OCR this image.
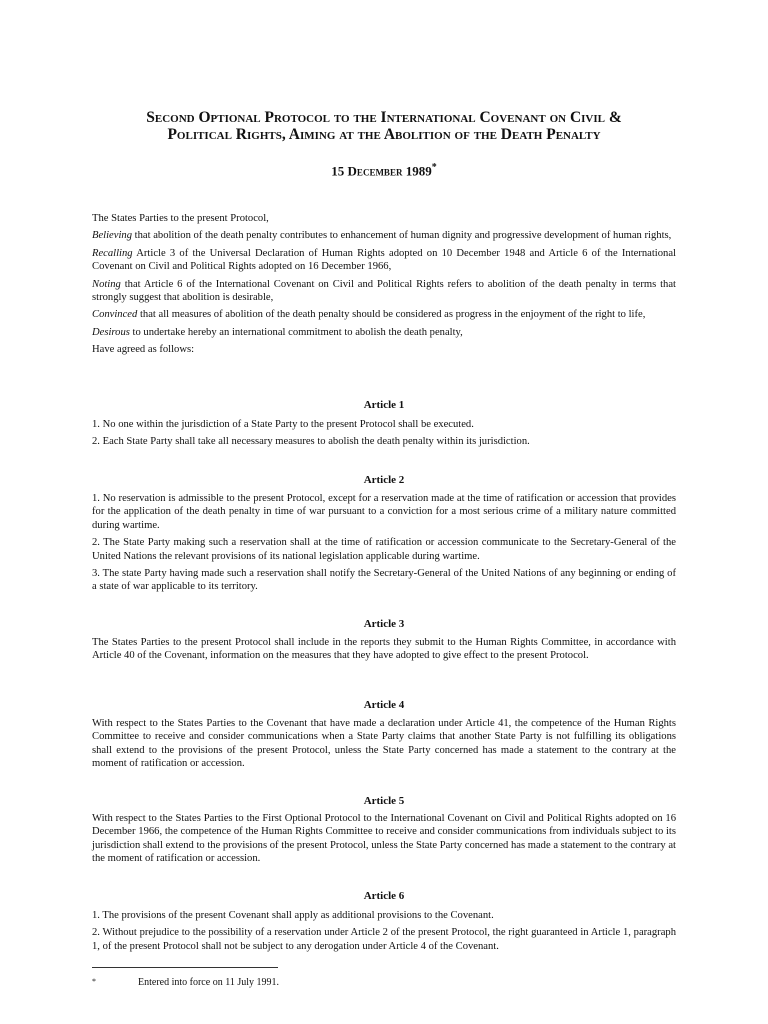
Second Optional Protocol to the International Covenant on Civil &
Political Rights, Aiming at the Abolition of the Death Penalty
15 December 1989*

The States Parties to the present Protocol,

Believing that abolition of the death penalty contributes to enhancement of human dignity and progressive development of human rights,

Recalling Article 3 of the Universal Declaration of Human Rights adopted on 10 December 1948 and Article 6 of the International Covenant on Civil and Political Rights adopted on 16 December 1966,

Noting that Article 6 of the International Covenant on Civil and Political Rights refers to abolition of the death penalty in terms that strongly suggest that abolition is desirable,

Convinced that all measures of abolition of the death penalty should be considered as progress in the enjoyment of the right to life,

Desirous to undertake hereby an international commitment to abolish the death penalty,

Have agreed as follows:

Article 1

1. No one within the jurisdiction of a State Party to the present Protocol shall be executed.

2. Each State Party shall take all necessary measures to abolish the death penalty within its jurisdiction.

Article 2

1. No reservation is admissible to the present Protocol, except for a reservation made at the time of ratification or accession that provides for the application of the death penalty in time of war pursuant to a conviction for a most serious crime of a military nature committed during wartime.

2. The State Party making such a reservation shall at the time of ratification or accession communicate to the Secretary-General of the United Nations the relevant provisions of its national legislation applicable during wartime.

3. The state Party having made such a reservation shall notify the Secretary-General of the United Nations of any beginning or ending of a state of war applicable to its territory.

Article 3

The States Parties to the present Protocol shall include in the reports they submit to the Human Rights Committee, in accordance with Article 40 of the Covenant, information on the measures that they have adopted to give effect to the present Protocol.

Article 4

With respect to the States Parties to the Covenant that have made a declaration under Article 41, the competence of the Human Rights Committee to receive and consider communications when a State Party claims that another State Party is not fulfilling its obligations shall extend to the provisions of the present Protocol, unless the State Party concerned has made a statement to the contrary at the moment of ratification or accession.

Article 5

With respect to the States Parties to the First Optional Protocol to the International Covenant on Civil and Political Rights adopted on 16 December 1966, the competence of the Human Rights Committee to receive and consider communications from individuals subject to its jurisdiction shall extend to the provisions of the present Protocol, unless the State Party concerned has made a statement to the contrary at the moment of ratification or accession.

Article 6

1. The provisions of the present Covenant shall apply as additional provisions to the Covenant.

2. Without prejudice to the possibility of a reservation under Article 2 of the present Protocol, the right guaranteed in Article 1, paragraph 1, of the present Protocol shall not be subject to any derogation under Article 4 of the Covenant.

*	Entered into force on 11 July 1991.
